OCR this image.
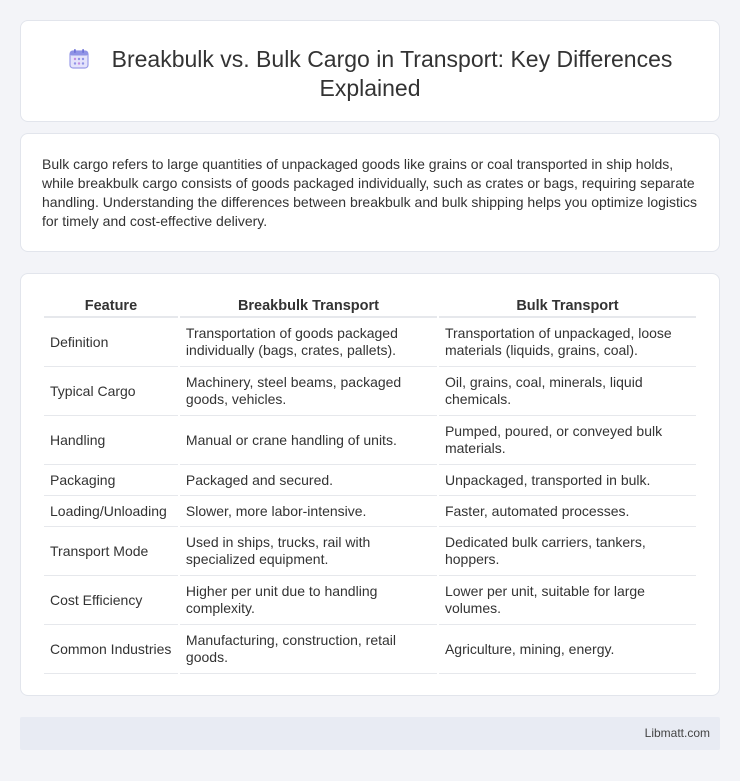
Breakbulk vs. Bulk Cargo in Transport: Key Differences Explained

Bulk cargo refers to large quantities of unpackaged goods like grains or coal transported in ship holds, while breakbulk cargo consists of goods packaged individually, such as crates or bags, requiring separate handling. Understanding the differences between breakbulk and bulk shipping helps you optimize logistics for timely and cost-effective delivery.

Feature	Breakbulk Transport	Bulk Transport
Definition	Transportation of goods packaged individually (bags, crates, pallets).	Transportation of unpackaged, loose materials (liquids, grains, coal).
Typical Cargo	Machinery, steel beams, packaged goods, vehicles.	Oil, grains, coal, minerals, liquid chemicals.
Handling	Manual or crane handling of units.	Pumped, poured, or conveyed bulk materials.
Packaging	Packaged and secured.	Unpackaged, transported in bulk.
Loading/Unloading	Slower, more labor-intensive.	Faster, automated processes.
Transport Mode	Used in ships, trucks, rail with specialized equipment.	Dedicated bulk carriers, tankers, hoppers.
Cost Efficiency	Higher per unit due to handling complexity.	Lower per unit, suitable for large volumes.
Common Industries	Manufacturing, construction, retail goods.	Agriculture, mining, energy.
Libmatt.com
